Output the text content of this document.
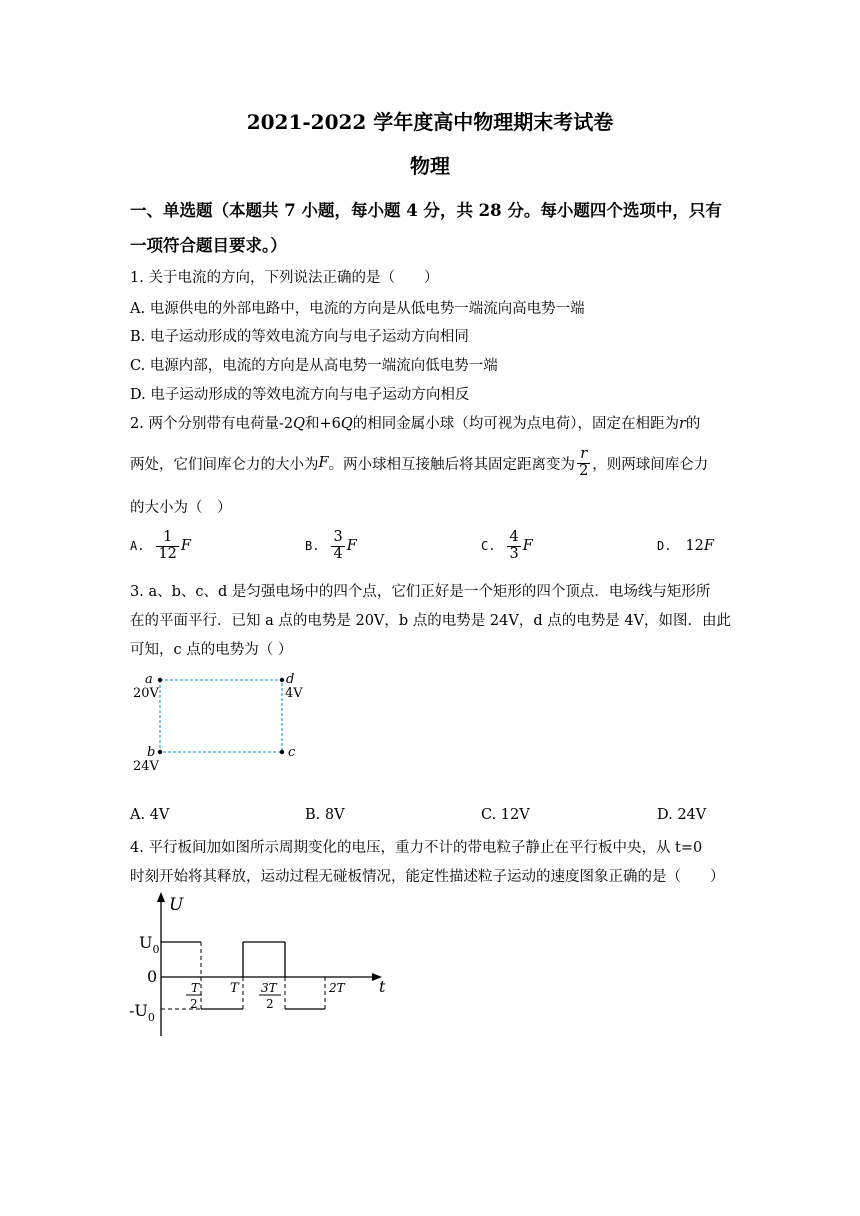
2021-2022 学年度高中物理期末考试卷
物理
一、单选题（本题共 7 小题，每小题 4 分，共 28 分。每小题四个选项中，只有
一项符合题目要求。）
1. 关于电流的方向，下列说法正确的是（　　）
A. 电源供电的外部电路中，电流的方向是从低电势一端流向高电势一端
B. 电子运动形成的等效电流方向与电子运动方向相同
C. 电源内部，电流的方向是从高电势一端流向低电势一端
D. 电子运动形成的等效电流方向与电子运动方向相反
2. 两个分别带有电荷量-2Q和+6Q的相同金属小球（均可视为点电荷），固定在相距为r的
两处，它们间库仑力的大小为 F 。两小球相互接触后将其固定距离变为 $\frac{r}{2}$ ，则两球间库仑力
的大小为（　）
A. $\frac{1}{12}$ F	B. $\frac{3}{4}$ F	C. $\frac{4}{3}$ F	D. 12 F
3. a、b、c、d 是匀强电场中的四个点，它们正好是一个矩形的四个顶点．电场线与矩形所
在的平面平行．已知 a 点的电势是 20V，b 点的电势是 24V，d 点的电势是 4V，如图．由此
可知，c 点的电势为（ ）
a
20V
d
4V
b
24V
c
A. 4V	B. 8V	C. 12V	D. 24V
4. 平行板间加如图所示周期变化的电压，重力不计的带电粒子静止在平行板中央，从 t=0
时刻开始将其释放，运动过程无碰板情况，能定性描述粒子运动的速度图象正确的是（　　）
U
t
$U_0$
0
$-U_0$
T
2
T 3T
2
2T
